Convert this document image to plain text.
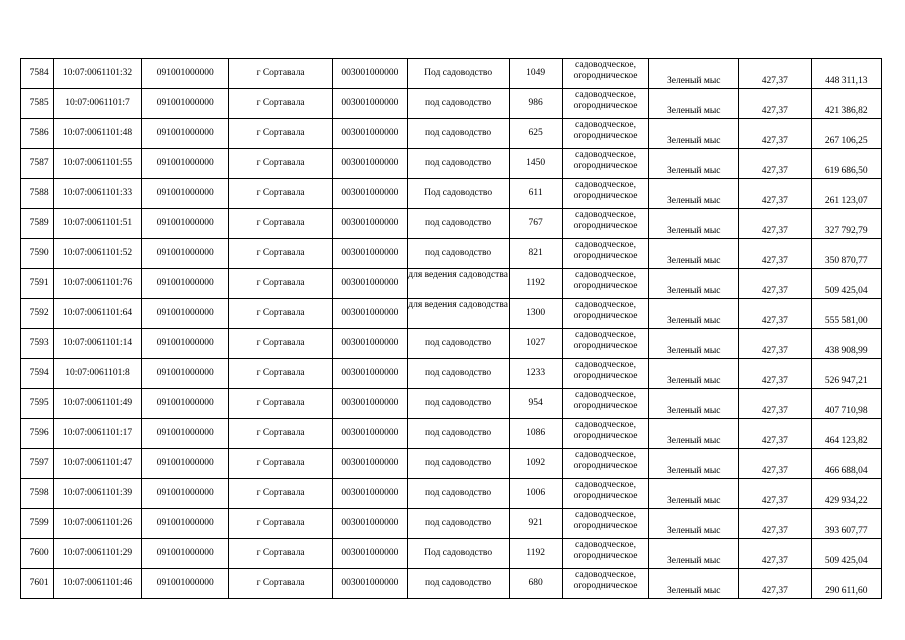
7584	10:07:0061101:32	091001000000	г Сортавала	003001000000	Под садоводство	1049	садоводческое, огородническое	Зеленый мыс	427,37	448 311,13
7585	10:07:0061101:7	091001000000	г Сортавала	003001000000	под садоводство	986	садоводческое, огородническое	Зеленый мыс	427,37	421 386,82
7586	10:07:0061101:48	091001000000	г Сортавала	003001000000	под садоводство	625	садоводческое, огородническое	Зеленый мыс	427,37	267 106,25
7587	10:07:0061101:55	091001000000	г Сортавала	003001000000	под садоводство	1450	садоводческое, огородническое	Зеленый мыс	427,37	619 686,50
7588	10:07:0061101:33	091001000000	г Сортавала	003001000000	Под садоводство	611	садоводческое, огородническое	Зеленый мыс	427,37	261 123,07
7589	10:07:0061101:51	091001000000	г Сортавала	003001000000	под садоводство	767	садоводческое, огородническое	Зеленый мыс	427,37	327 792,79
7590	10:07:0061101:52	091001000000	г Сортавала	003001000000	под садоводство	821	садоводческое, огородническое	Зеленый мыс	427,37	350 870,77
7591	10:07:0061101:76	091001000000	г Сортавала	003001000000	для ведения садоводства	1192	садоводческое, огородническое	Зеленый мыс	427,37	509 425,04
7592	10:07:0061101:64	091001000000	г Сортавала	003001000000	для ведения садоводства	1300	садоводческое, огородническое	Зеленый мыс	427,37	555 581,00
7593	10:07:0061101:14	091001000000	г Сортавала	003001000000	под садоводство	1027	садоводческое, огородническое	Зеленый мыс	427,37	438 908,99
7594	10:07:0061101:8	091001000000	г Сортавала	003001000000	под садоводство	1233	садоводческое, огородническое	Зеленый мыс	427,37	526 947,21
7595	10:07:0061101:49	091001000000	г Сортавала	003001000000	под садоводство	954	садоводческое, огородническое	Зеленый мыс	427,37	407 710,98
7596	10:07:0061101:17	091001000000	г Сортавала	003001000000	под садоводство	1086	садоводческое, огородническое	Зеленый мыс	427,37	464 123,82
7597	10:07:0061101:47	091001000000	г Сортавала	003001000000	под садоводство	1092	садоводческое, огородническое	Зеленый мыс	427,37	466 688,04
7598	10:07:0061101:39	091001000000	г Сортавала	003001000000	под садоводство	1006	садоводческое, огородническое	Зеленый мыс	427,37	429 934,22
7599	10:07:0061101:26	091001000000	г Сортавала	003001000000	под садоводство	921	садоводческое, огородническое	Зеленый мыс	427,37	393 607,77
7600	10:07:0061101:29	091001000000	г Сортавала	003001000000	Под садоводство	1192	садоводческое, огородническое	Зеленый мыс	427,37	509 425,04
7601	10:07:0061101:46	091001000000	г Сортавала	003001000000	под садоводство	680	садоводческое, огородническое	Зеленый мыс	427,37	290 611,60
